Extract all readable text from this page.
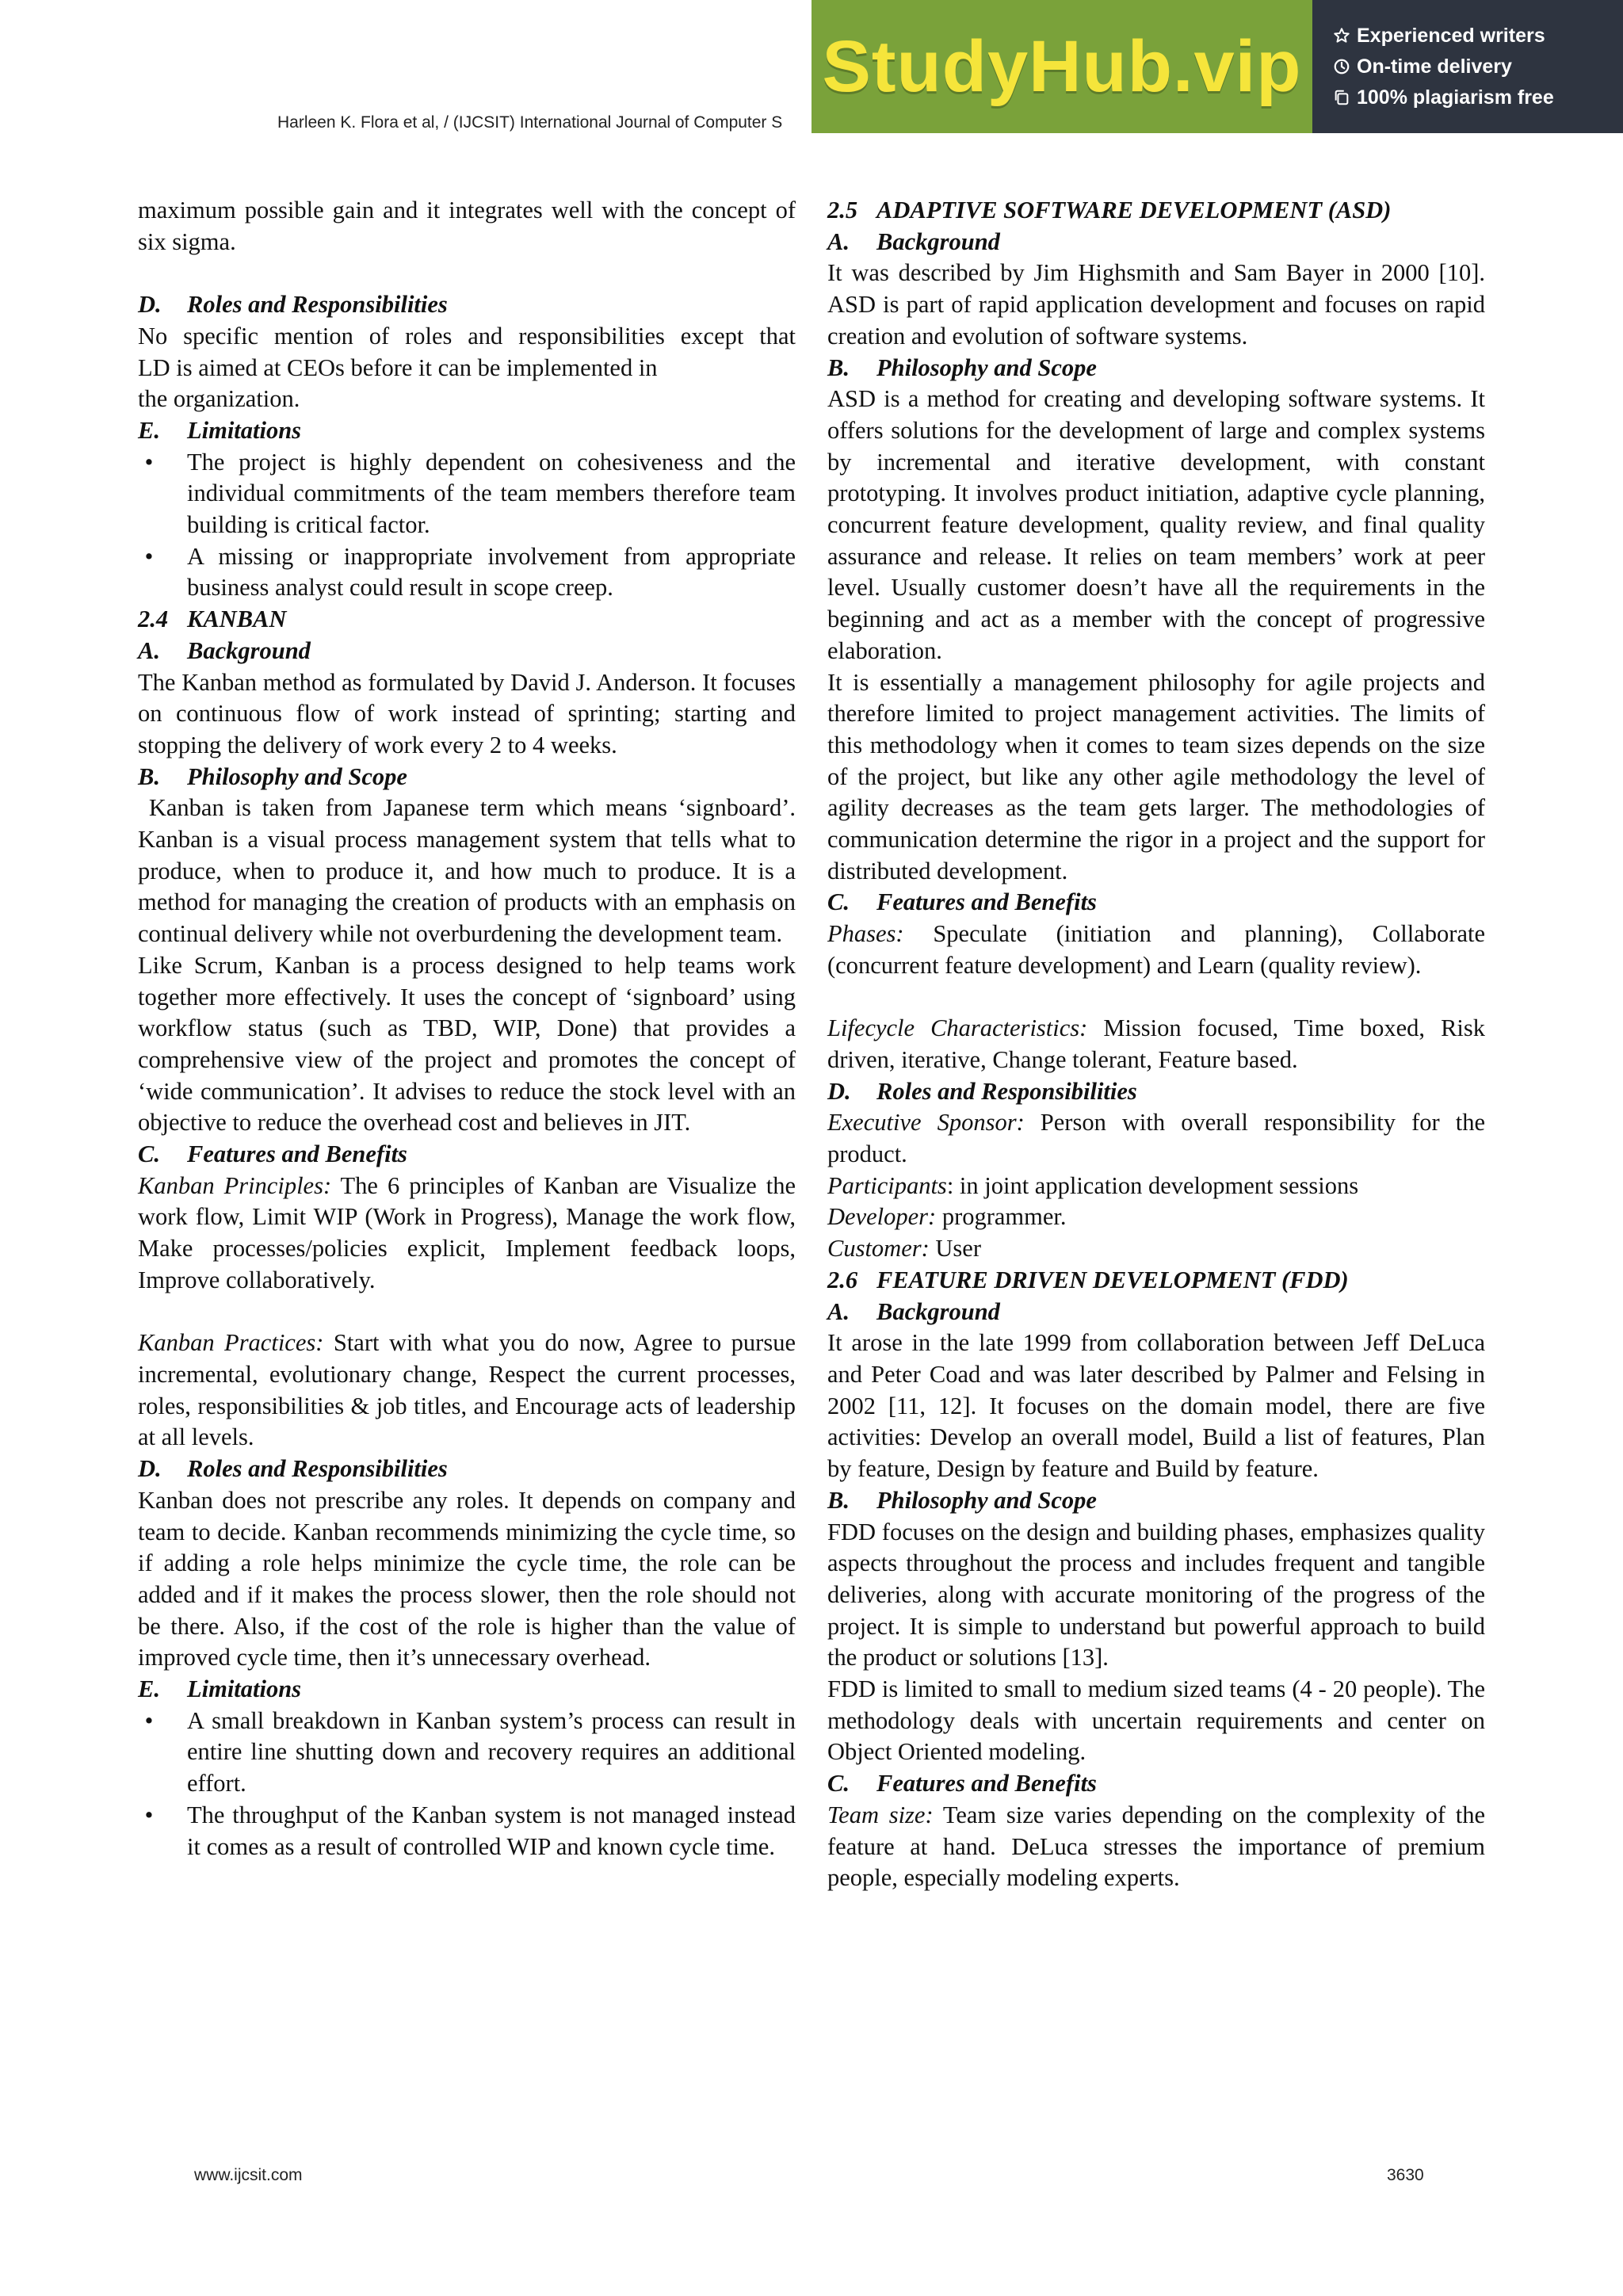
Harleen K. Flora et al, / (IJCSIT) International Journal of Computer S
StudyHub.vip	Experienced writers
On-time delivery
100% plagiarism free

maximum possible gain and it integrates well with the concept of six sigma.

D. Roles and Responsibilities

No specific mention of roles and responsibilities except that

LD is aimed at CEOs before it can be implemented in

the organization.

E. Limitations

• The project is highly dependent on cohesiveness and the individual commitments of the team members therefore team building is critical factor.
• A missing or inappropriate involvement from appropriate business analyst could result in scope creep.

2.4 KANBAN

A. Background

The Kanban method as formulated by David J. Anderson. It focuses on continuous flow of work instead of sprinting; starting and stopping the delivery of work every 2 to 4 weeks.

B. Philosophy and Scope

Kanban is taken from Japanese term which means ‘signboard’. Kanban is a visual process management system that tells what to produce, when to produce it, and how much to produce. It is a method for managing the creation of products with an emphasis on continual delivery while not overburdening the development team.

Like Scrum, Kanban is a process designed to help teams work together more effectively. It uses the concept of ‘signboard’ using workflow status (such as TBD, WIP, Done) that provides a comprehensive view of the project and promotes the concept of ‘wide communication’. It advises to reduce the stock level with an objective to reduce the overhead cost and believes in JIT.

C. Features and Benefits

Kanban Principles: The 6 principles of Kanban are Visualize the work flow, Limit WIP (Work in Progress), Manage the work flow, Make processes/policies explicit, Implement feedback loops, Improve collaboratively.

Kanban Practices: Start with what you do now, Agree to pursue incremental, evolutionary change, Respect the current processes, roles, responsibilities & job titles, and Encourage acts of leadership at all levels.

D. Roles and Responsibilities

Kanban does not prescribe any roles. It depends on company and team to decide. Kanban recommends minimizing the cycle time, so if adding a role helps minimize the cycle time, the role can be added and if it makes the process slower, then the role should not be there. Also, if the cost of the role is higher than the value of improved cycle time, then it’s unnecessary overhead.

E. Limitations

• A small breakdown in Kanban system’s process can result in entire line shutting down and recovery requires an additional effort.
• The throughput of the Kanban system is not managed instead it comes as a result of controlled WIP and known cycle time.

2.5 ADAPTIVE SOFTWARE DEVELOPMENT (ASD)

A. Background

It was described by Jim Highsmith and Sam Bayer in 2000 [10]. ASD is part of rapid application development and focuses on rapid creation and evolution of software systems.

B. Philosophy and Scope

ASD is a method for creating and developing software systems. It offers solutions for the development of large and complex systems by incremental and iterative development, with constant prototyping. It involves product initiation, adaptive cycle planning, concurrent feature development, quality review, and final quality assurance and release. It relies on team members’ work at peer level. Usually customer doesn’t have all the requirements in the beginning and act as a member with the concept of progressive elaboration.

It is essentially a management philosophy for agile projects and therefore limited to project management activities. The limits of this methodology when it comes to team sizes depends on the size of the project, but like any other agile methodology the level of agility decreases as the team gets larger. The methodologies of communication determine the rigor in a project and the support for distributed development.

C. Features and Benefits

Phases: Speculate (initiation and planning), Collaborate (concurrent feature development) and Learn (quality review).

Lifecycle Characteristics: Mission focused, Time boxed, Risk driven, iterative, Change tolerant, Feature based.

D. Roles and Responsibilities

Executive Sponsor: Person with overall responsibility for the product.

Participants: in joint application development sessions

Developer: programmer.

Customer: User

2.6 FEATURE DRIVEN DEVELOPMENT (FDD)

A. Background

It arose in the late 1999 from collaboration between Jeff DeLuca and Peter Coad and was later described by Palmer and Felsing in 2002 [11, 12]. It focuses on the domain model, there are five activities: Develop an overall model, Build a list of features, Plan by feature, Design by feature and Build by feature.

B. Philosophy and Scope

FDD focuses on the design and building phases, emphasizes quality aspects throughout the process and includes frequent and tangible deliveries, along with accurate monitoring of the progress of the project. It is simple to understand but powerful approach to build the product or solutions [13].

FDD is limited to small to medium sized teams (4 - 20 people). The methodology deals with uncertain requirements and center on Object Oriented modeling.

C. Features and Benefits

Team size: Team size varies depending on the complexity of the feature at hand. DeLuca stresses the importance of premium people, especially modeling experts.

www.ijcsit.com	3630
